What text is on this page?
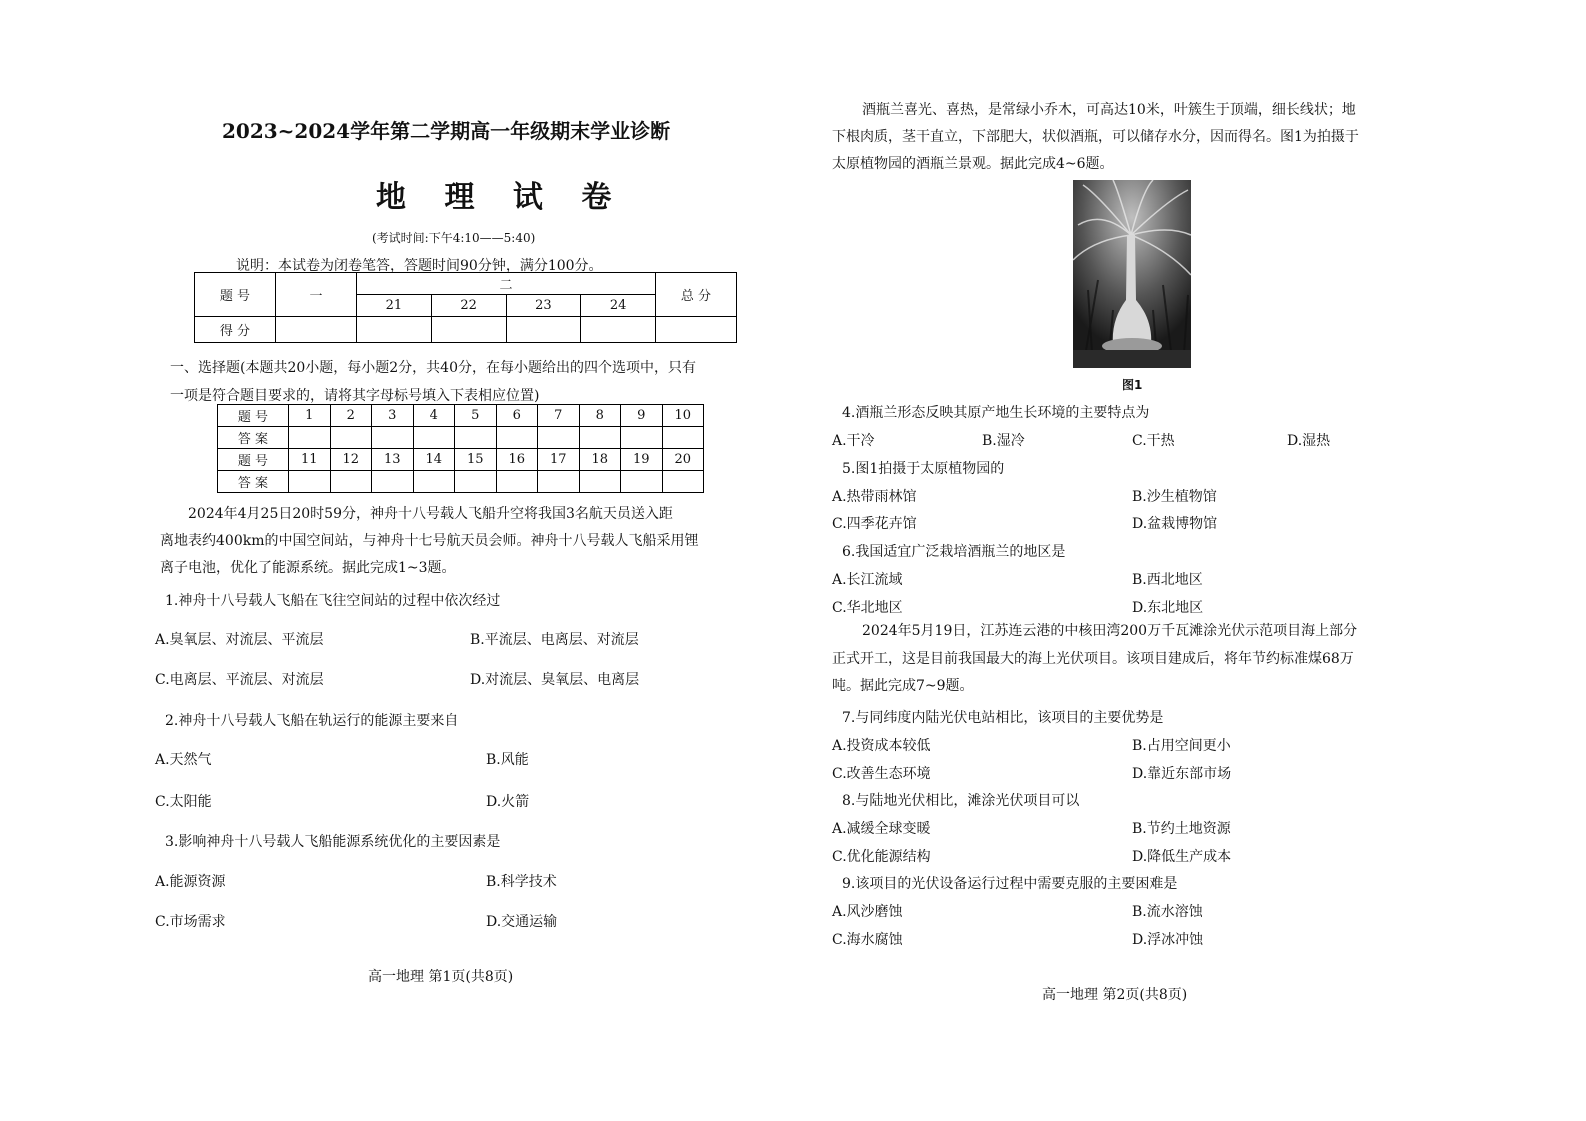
2023~2024学年第二学期高一年级期末学业诊断
地 理 试 卷
(考试时间:下午4:10——5:40)
说明：本试卷为闭卷笔答，答题时间90分钟，满分100分。
题 号	一	二				总 分
		21	22	23	24	
得 分						
一、选择题(本题共20小题，每小题2分，共40分，在每小题给出的四个选项中，只有
一项是符合题目要求的，请将其字母标号填入下表相应位置)
题 号	1	2	3	4	5	6	7	8	9	10
答 案										
题 号	11	12	13	14	15	16	17	18	19	20
答 案										
2024年4月25日20时59分，神舟十八号载人飞船升空将我国3名航天员送入距
离地表约400km的中国空间站，与神舟十七号航天员会师。神舟十八号载人飞船采用锂
离子电池，优化了能源系统。据此完成1~3题。
1.神舟十八号载人飞船在飞往空间站的过程中依次经过
A.臭氧层、对流层、平流层	B.平流层、电离层、对流层
C.电离层、平流层、对流层	D.对流层、臭氧层、电离层
2.神舟十八号载人飞船在轨运行的能源主要来自
A.天然气	B.风能
C.太阳能	D.火箭
3.影响神舟十八号载人飞船能源系统优化的主要因素是
A.能源资源	B.科学技术
C.市场需求	D.交通运输
高一地理 第1页(共8页)
酒瓶兰喜光、喜热，是常绿小乔木，可高达10米，叶簇生于顶端，细长线状；地
下根肉质，茎干直立，下部肥大，状似酒瓶，可以储存水分，因而得名。图1为拍摄于
太原植物园的酒瓶兰景观。据此完成4~6题。
图1
4.酒瓶兰形态反映其原产地生长环境的主要特点为
A.干冷	B.湿冷	C.干热	D.湿热
5.图1拍摄于太原植物园的
A.热带雨林馆	B.沙生植物馆
C.四季花卉馆	D.盆栽博物馆
6.我国适宜广泛栽培酒瓶兰的地区是
A.长江流域	B.西北地区
C.华北地区	D.东北地区
2024年5月19日，江苏连云港的中核田湾200万千瓦滩涂光伏示范项目海上部分
正式开工，这是目前我国最大的海上光伏项目。该项目建成后，将年节约标准煤68万
吨。据此完成7~9题。
7.与同纬度内陆光伏电站相比，该项目的主要优势是
A.投资成本较低	B.占用空间更小
C.改善生态环境	D.靠近东部市场
8.与陆地光伏相比，滩涂光伏项目可以
A.减缓全球变暖	B.节约土地资源
C.优化能源结构	D.降低生产成本
9.该项目的光伏设备运行过程中需要克服的主要困难是
A.风沙磨蚀	B.流水溶蚀
C.海水腐蚀	D.浮冰冲蚀
高一地理 第2页(共8页)
